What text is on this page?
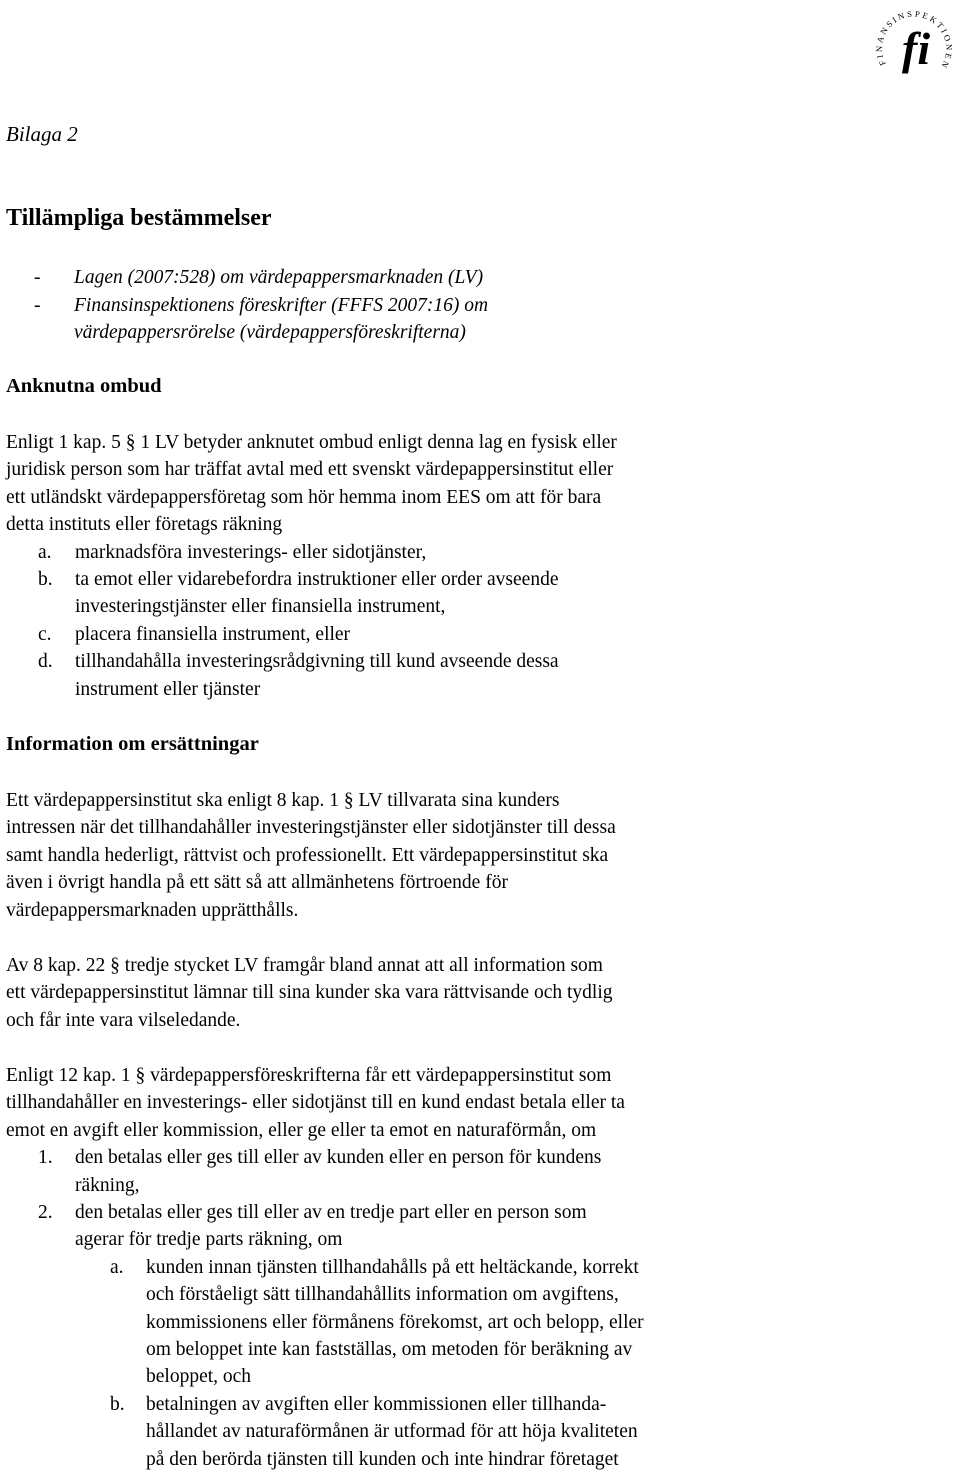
FINANSINSPEKTIONEN
fi
Bilaga 2
Tillämpliga bestämmelser
- Lagen (2007:528) om värdepappersmarknaden (LV)
- Finansinspektionens föreskrifter (FFFS 2007:16) om
värdepappersrörelse (värdepappersföreskrifterna)
Anknutna ombud
Enligt 1 kap. 5 § 1 LV betyder anknutet ombud enligt denna lag en fysisk eller
juridisk person som har träffat avtal med ett svenskt värdepappersinstitut eller
ett utländskt värdepappersföretag som hör hemma inom EES om att för bara
detta instituts eller företags räkning
a. marknadsföra investerings- eller sidotjänster,
b. ta emot eller vidarebefordra instruktioner eller order avseende
investeringstjänster eller finansiella instrument,
c. placera finansiella instrument, eller
d. tillhandahålla investeringsrådgivning till kund avseende dessa
instrument eller tjänster
Information om ersättningar
Ett värdepappersinstitut ska enligt 8 kap. 1 § LV tillvarata sina kunders
intressen när det tillhandahåller investeringstjänster eller sidotjänster till dessa
samt handla hederligt, rättvist och professionellt. Ett värdepappersinstitut ska
även i övrigt handla på ett sätt så att allmänhetens förtroende för
värdepappersmarknaden upprätthålls.
Av 8 kap. 22 § tredje stycket LV framgår bland annat att all information som
ett värdepappersinstitut lämnar till sina kunder ska vara rättvisande och tydlig
och får inte vara vilseledande.
Enligt 12 kap. 1 § värdepappersföreskrifterna får ett värdepappersinstitut som
tillhandahåller en investerings- eller sidotjänst till en kund endast betala eller ta
emot en avgift eller kommission, eller ge eller ta emot en naturaförmån, om
1. den betalas eller ges till eller av kunden eller en person för kundens
räkning,
2. den betalas eller ges till eller av en tredje part eller en person som
agerar för tredje parts räkning, om
a. kunden innan tjänsten tillhandahålls på ett heltäckande, korrekt
och förståeligt sätt tillhandahållits information om avgiftens,
kommissionens eller förmånens förekomst, art och belopp, eller
om beloppet inte kan fastställas, om metoden för beräkning av
beloppet, och
b. betalningen av avgiften eller kommissionen eller tillhanda-
hållandet av naturaförmånen är utformad för att höja kvaliteten
på den berörda tjänsten till kunden och inte hindrar företaget
